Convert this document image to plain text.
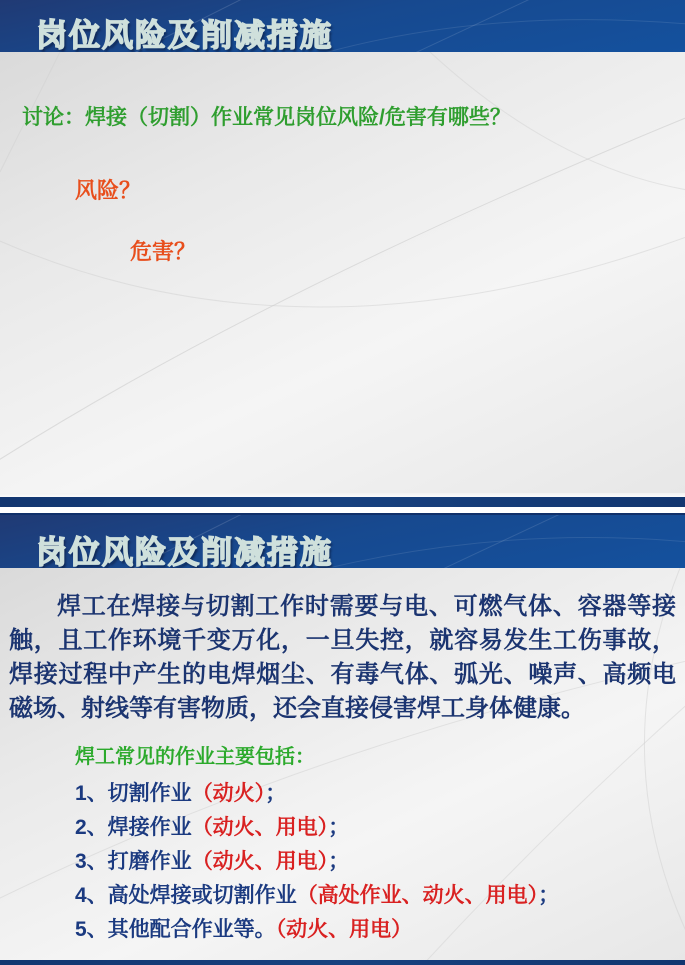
岗位风险及削减措施

讨论：焊接（切割）作业常见岗位风险/危害有哪些？

风险？

危害？

岗位风险及削减措施

焊工在焊接与切割工作时需要与电、可燃气体、容器等接触，且工作环境千变万化，一旦失控，就容易发生工伤事故，焊接过程中产生的电焊烟尘、有毒气体、弧光、噪声、高频电磁场、射线等有害物质，还会直接侵害焊工身体健康。

焊工常见的作业主要包括：

1、切割作业（动火）；
2、焊接作业（动火、用电）；
3、打磨作业（动火、用电）；
4、高处焊接或切割作业（高处作业、动火、用电）；
5、其他配合作业等。（动火、用电）
